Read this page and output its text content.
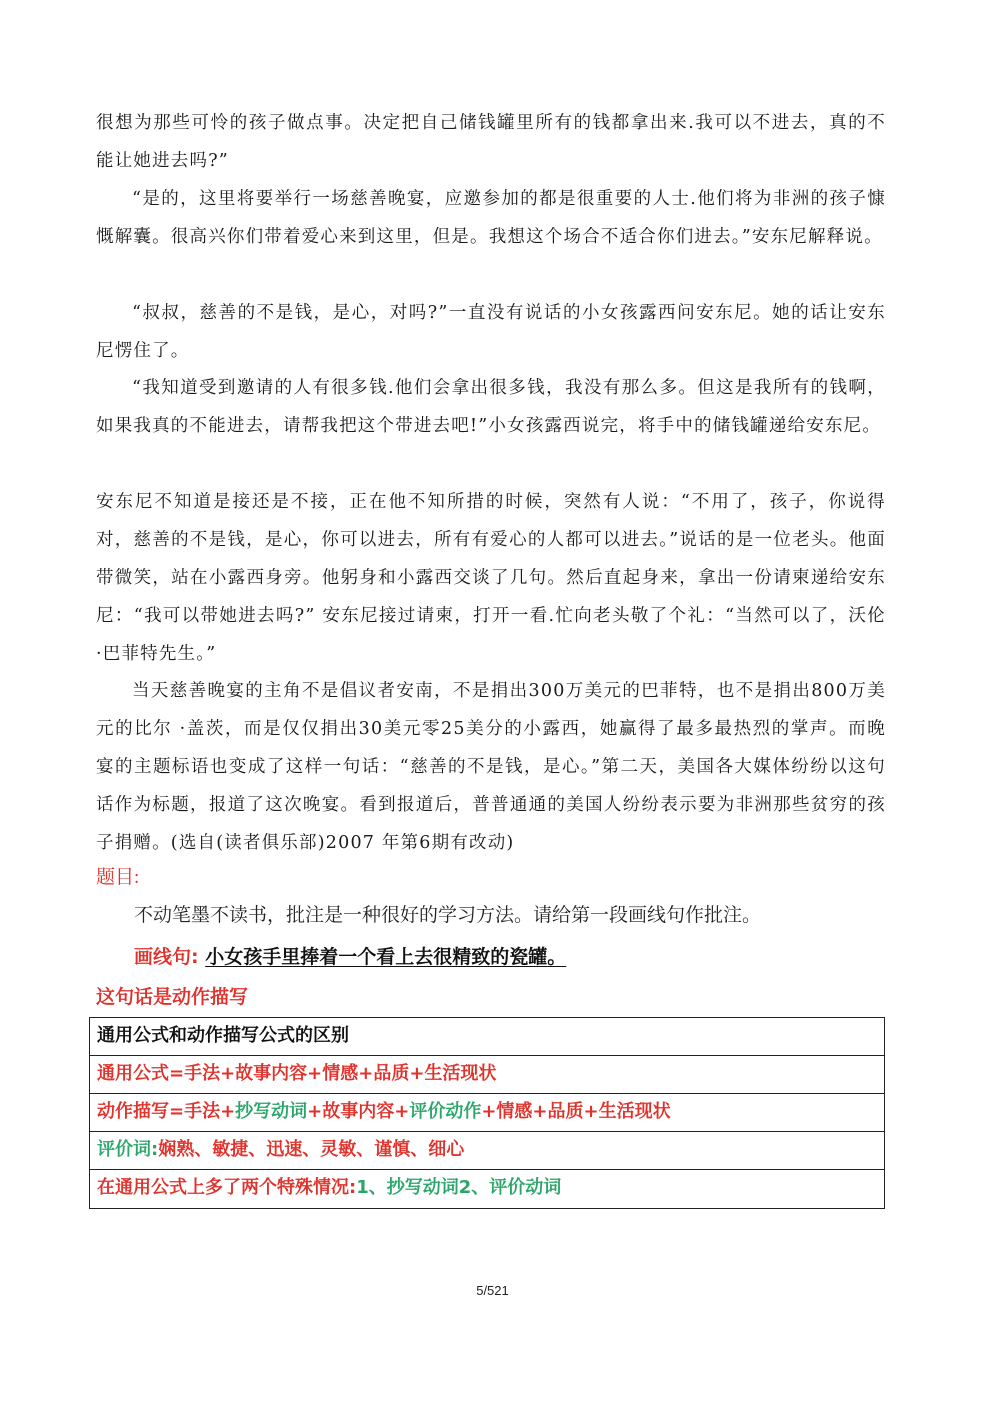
很想为那些可怜的孩子做点事。决定把自己储钱罐里所有的钱都拿出来.我可以不进去，真的不能让她进去吗?”
“是的，这里将要举行一场慈善晚宴，应邀参加的都是很重要的人士.他们将为非洲的孩子慷慨解囊。很高兴你们带着爱心来到这里，但是。我想这个场合不适合你们进去。”安东尼解释说。
“叔叔，慈善的不是钱，是心，对吗?”一直没有说话的小女孩露西问安东尼。她的话让安东尼愣住了。
“我知道受到邀请的人有很多钱.他们会拿出很多钱，我没有那么多。但这是我所有的钱啊，如果我真的不能进去，请帮我把这个带进去吧!”小女孩露西说完，将手中的储钱罐递给安东尼。
安东尼不知道是接还是不接，正在他不知所措的时候，突然有人说：“不用了，孩子，你说得对，慈善的不是钱，是心，你可以进去，所有有爱心的人都可以进去。”说话的是一位老头。他面带微笑，站在小露西身旁。他躬身和小露西交谈了几句。然后直起身来，拿出一份请柬递给安东尼：“我可以带她进去吗?” 安东尼接过请柬，打开一看.忙向老头敬了个礼：“当然可以了，沃伦 ·巴菲特先生。”
当天慈善晚宴的主角不是倡议者安南，不是捐出300万美元的巴菲特，也不是捐出800万美元的比尔 ·盖茨，而是仅仅捐出30美元零25美分的小露西，她赢得了最多最热烈的掌声。而晚宴的主题标语也变成了这样一句话：“慈善的不是钱，是心。”第二天，美国各大媒体纷纷以这句话作为标题，报道了这次晚宴。看到报道后，普普通通的美国人纷纷表示要为非洲那些贫穷的孩子捐赠。(选自(读者俱乐部)2007 年第6期有改动)
题目:
不动笔墨不读书，批注是一种很好的学习方法。请给第一段画线句作批注。
画线句: 小女孩手里捧着一个看上去很精致的瓷罐。
这句话是动作描写
通用公式和动作描写公式的区别
通用公式=手法+故事内容+情感+品质+生活现状
动作描写=手法+抄写动词+故事内容+评价动作+情感+品质+生活现状
评价词:娴熟、敏捷、迅速、灵敏、谨慎、细心
在通用公式上多了两个特殊情况:1、抄写动词2、评价动词
5/521
